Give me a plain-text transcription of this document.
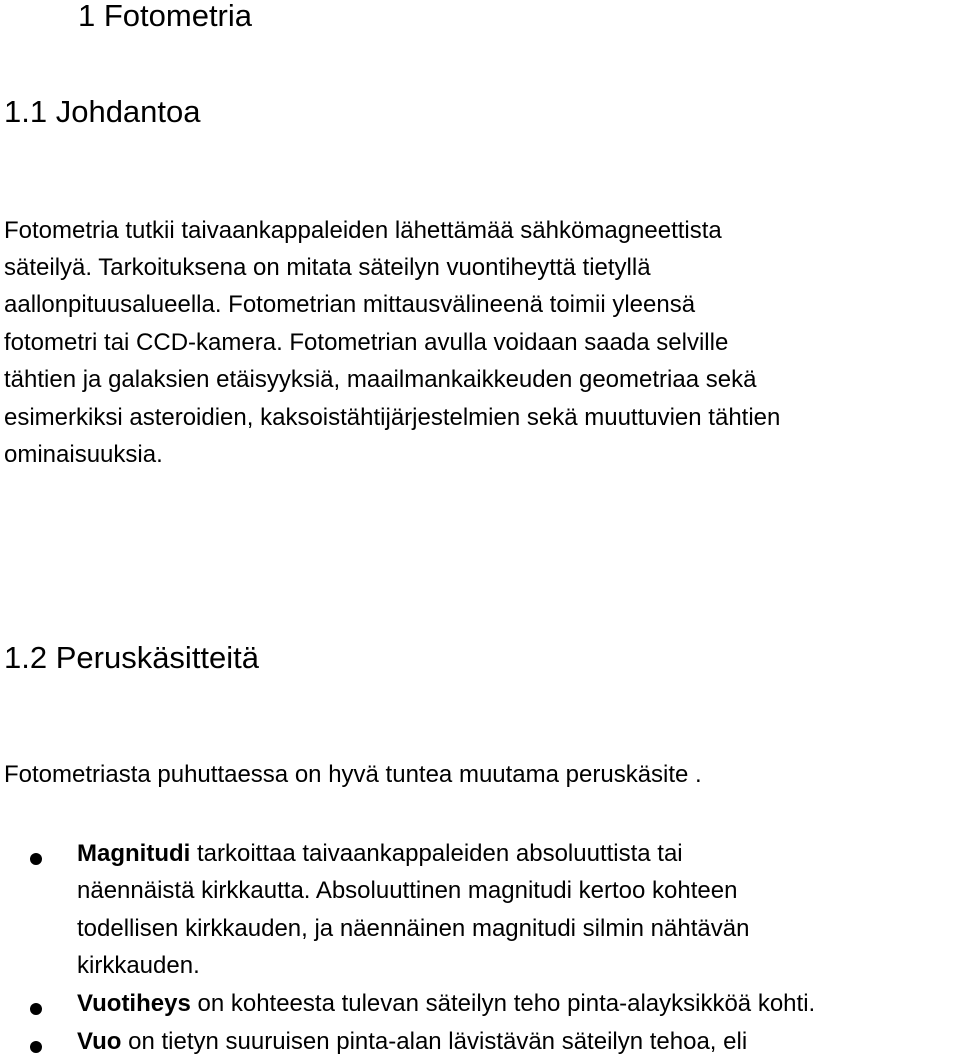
1 Fotometria
1.1 Johdantoa
Fotometria tutkii taivaankappaleiden lähettämää sähkömagneettista
säteilyä. Tarkoituksena on mitata säteilyn vuontiheyttä tietyllä
aallonpituusalueella. Fotometrian mittausvälineenä toimii yleensä
fotometri tai CCD-kamera. Fotometrian avulla voidaan saada selville
tähtien ja galaksien etäisyyksiä, maailmankaikkeuden geometriaa sekä
esimerkiksi asteroidien, kaksoistähtijärjestelmien sekä muuttuvien tähtien
ominaisuuksia.
1.2 Peruskäsitteitä
Fotometriasta puhuttaessa on hyvä tuntea muutama peruskäsite .
Magnitudi tarkoittaa taivaankappaleiden absoluuttista tai
näennäistä kirkkautta. Absoluuttinen magnitudi kertoo kohteen
todellisen kirkkauden, ja näennäinen magnitudi silmin nähtävän
kirkkauden.
Vuotiheys on kohteesta tulevan säteilyn teho pinta-alayksikköä kohti.
Vuo on tietyn suuruisen pinta-alan lävistävän säteilyn tehoa, eli
